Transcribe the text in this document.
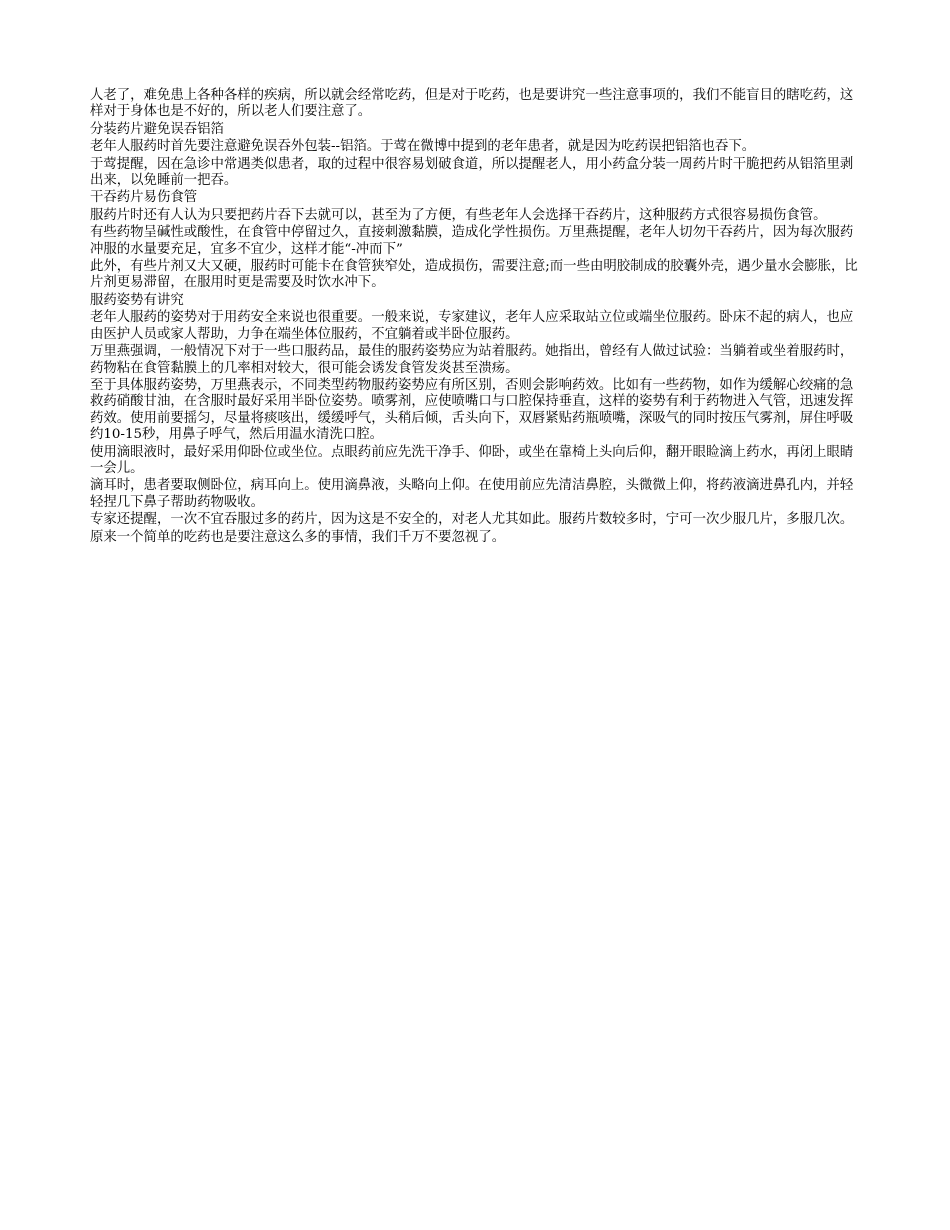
人老了，难免患上各种各样的疾病，所以就会经常吃药，但是对于吃药，也是要讲究一些注意事项的，我们不能盲目的瞎吃药，这样对于身体也是不好的，所以老人们要注意了。

分装药片避免误吞铝箔

老年人服药时首先要注意避免误吞外包装--铝箔。于莺在微博中提到的老年患者，就是因为吃药误把铝箔也吞下。

于莺提醒，因在急诊中常遇类似患者，取的过程中很容易划破食道，所以提醒老人，用小药盒分装一周药片时干脆把药从铝箔里剥出来，以免睡前一把吞。

干吞药片易伤食管

服药片时还有人认为只要把药片吞下去就可以，甚至为了方便，有些老年人会选择干吞药片，这种服药方式很容易损伤食管。

有些药物呈碱性或酸性，在食管中停留过久，直接刺激黏膜，造成化学性损伤。万里燕提醒，老年人切勿干吞药片，因为每次服药冲服的水量要充足，宜多不宜少，这样才能“-冲而下”

此外，有些片剂又大又硬，服药时可能卡在食管狭窄处，造成损伤，需要注意;而一些由明胶制成的胶囊外壳，遇少量水会膨胀，比片剂更易滞留，在服用时更是需要及时饮水冲下。

服药姿势有讲究

老年人服药的姿势对于用药安全来说也很重要。一般来说，专家建议，老年人应采取站立位或端坐位服药。卧床不起的病人，也应由医护人员或家人帮助，力争在端坐体位服药，不宜躺着或半卧位服药。

万里燕强调，一般情况下对于一些口服药品，最佳的服药姿势应为站着服药。她指出，曾经有人做过试验：当躺着或坐着服药时，药物粘在食管黏膜上的几率相对较大，很可能会诱发食管发炎甚至溃疡。

至于具体服药姿势，万里燕表示，不同类型药物服药姿势应有所区别，否则会影响药效。比如有一些药物，如作为缓解心绞痛的急救药硝酸甘油，在含服时最好采用半卧位姿势。喷雾剂，应使喷嘴口与口腔保持垂直，这样的姿势有利于药物进入气管，迅速发挥药效。使用前要摇匀，尽量将痰咳出，缓缓呼气，头稍后倾，舌头向下，双唇紧贴药瓶喷嘴，深吸气的同时按压气雾剂，屏住呼吸约10-15秒，用鼻子呼气，然后用温水清洗口腔。

使用滴眼液时，最好采用仰卧位或坐位。点眼药前应先洗干净手、仰卧，或坐在靠椅上头向后仰，翻开眼睑滴上药水，再闭上眼睛一会儿。

滴耳时，患者要取侧卧位，病耳向上。使用滴鼻液，头略向上仰。在使用前应先清洁鼻腔，头微微上仰，将药液滴进鼻孔内，并轻轻捏几下鼻子帮助药物吸收。

专家还提醒，一次不宜吞服过多的药片，因为这是不安全的，对老人尤其如此。服药片数较多时，宁可一次少服几片，多服几次。

原来一个简单的吃药也是要注意这么多的事情，我们千万不要忽视了。
